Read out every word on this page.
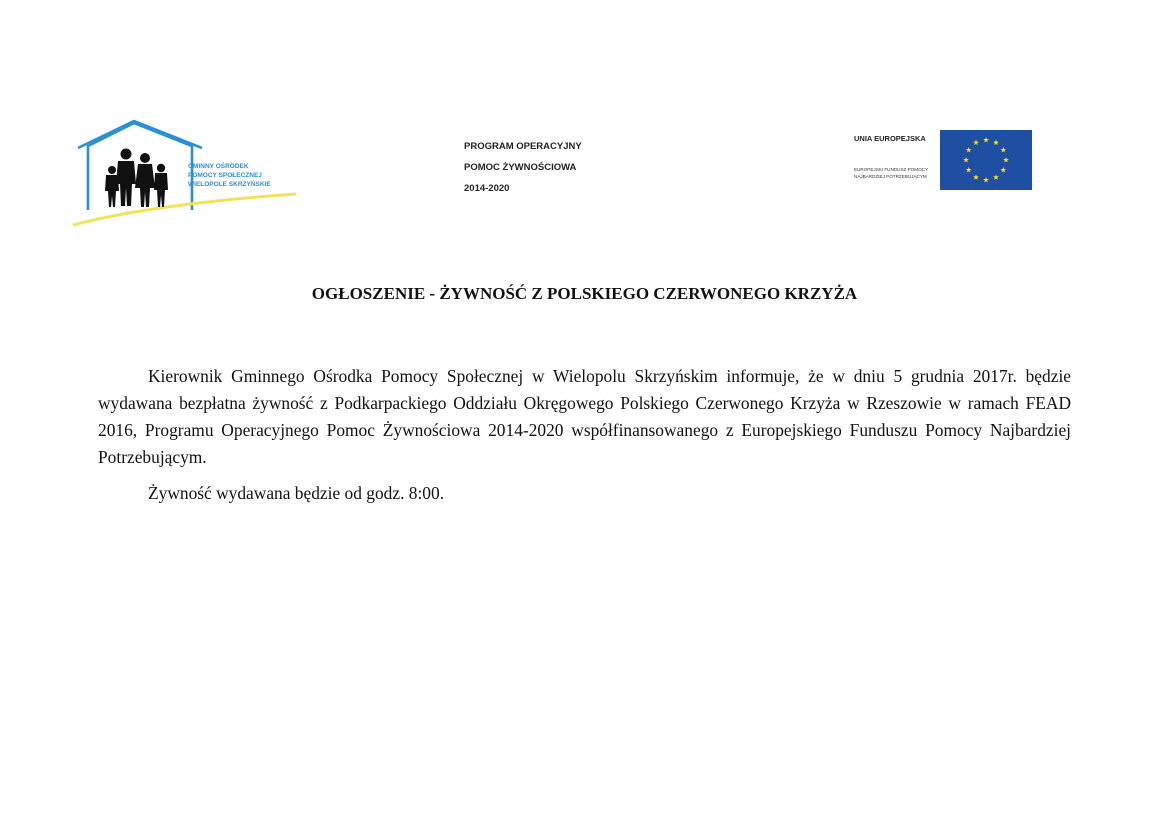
GMINNY OŚRODEK
POMOCY SPOŁECZNEJ
WIELOPOLE SKRZYŃSKIE
PROGRAM OPERACYJNY
POMOC ŻYWNOŚCIOWA
2014-2020
UNIA EUROPEJSKA
EUROPEJSKI FUNDUSZ POMOCY
NAJBARDZIEJ POTRZEBUJĄCYM
OGŁOSZENIE - ŻYWNOŚĆ Z POLSKIEGO CZERWONEGO KRZYŻA

Kierownik Gminnego Ośrodka Pomocy Społecznej w Wielopolu Skrzyńskim informuje, że w dniu 5 grudnia 2017r. będzie wydawana bezpłatna żywność z Podkarpackiego Oddziału Okręgowego Polskiego Czerwonego Krzyża w Rzeszowie w ramach FEAD 2016, Programu Operacyjnego Pomoc Żywnościowa 2014-2020 współfinansowanego z Europejskiego Funduszu Pomocy Najbardziej Potrzebującym.

Żywność wydawana będzie od godz. 8:00.
